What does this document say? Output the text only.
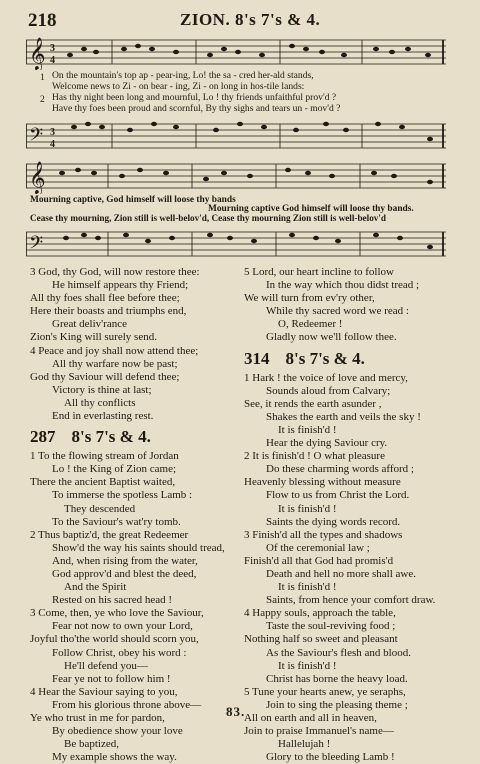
218	ZION. 8's 7's & 4.
𝄞 3
4
1 On the mountain's top ap - pear-ing, Lo! the sa - cred her-ald stands,
Welcome news to Zi - on bear - ing, Zi - on long in hos-tile lands:
2 Has thy night been long and mournful, Lo ! thy friends unfaithful prov'd ?
Have thy foes been proud and scornful, By thy sighs and tears un - mov'd ?
𝄢 3
4
𝄞
Mourning captive, God himself will loose thy bands
Mourning captive God himself will loose thy bands.
Cease thy mourning, Zion still is well-belov'd, Cease thy mourning Zion still is well-belov'd
𝄢
3 God, thy God, will now restore thee:
He himself appears thy Friend;
All thy foes shall flee before thee;
Here their boasts and triumphs end,
Great deliv'rance
Zion's King will surely send.
4 Peace and joy shall now attend thee;
All thy warfare now be past;
God thy Saviour will defend thee;
Victory is thine at last;
All thy conflicts
End in everlasting rest.
287 8's 7's & 4.
1 To the flowing stream of Jordan
Lo ! the King of Zion came;
There the ancient Baptist waited,
To immerse the spotless Lamb :
They descended
To the Saviour's wat'ry tomb.
2 Thus baptiz'd, the great Redeemer
Show'd the way his saints should tread,
And, when rising from the water,
God approv'd and blest the deed,
And the Spirit
Rested on his sacred head !
3 Come, then, ye who love the Saviour,
Fear not now to own your Lord,
Joyful tho'the world should scorn you,
Follow Christ, obey his word :
He'll defend you—
Fear ye not to follow him !
4 Hear the Saviour saying to you,
From his glorious throne above—
Ye who trust in me for pardon,
By obedience show your love
Be baptized,
My example shows the way.
5 Lord, our heart incline to follow
In the way which thou didst tread ;
We will turn from ev'ry other,
While thy sacred word we read :
O, Redeemer !
Gladly now we'll follow thee.
314 8's 7's & 4.
1 Hark ! the voice of love and mercy,
Sounds aloud from Calvary;
See, it rends the earth asunder ,
Shakes the earth and veils the sky !
It is finish'd !
Hear the dying Saviour cry.
2 It is finish'd ! O what pleasure
Do these charming words afford ;
Heavenly blessing without measure
Flow to us from Christ the Lord.
It is finish'd !
Saints the dying words record.
3 Finish'd all the types and shadows
Of the ceremonial law ;
Finish'd all that God had promis'd
Death and hell no more shall awe.
It is finish'd !
Saints, from hence your comfort draw.
4 Happy souls, approach the table,
Taste the soul-reviving food ;
Nothing half so sweet and pleasant
As the Saviour's flesh and blood.
It is finish'd !
Christ has borne the heavy load.
5 Tune your hearts anew, ye seraphs,
Join to sing the pleasing theme ;
All on earth and all in heaven,
Join to praise Immanuel's name—
Hallelujah !
Glory to the bleeding Lamb !
83.
